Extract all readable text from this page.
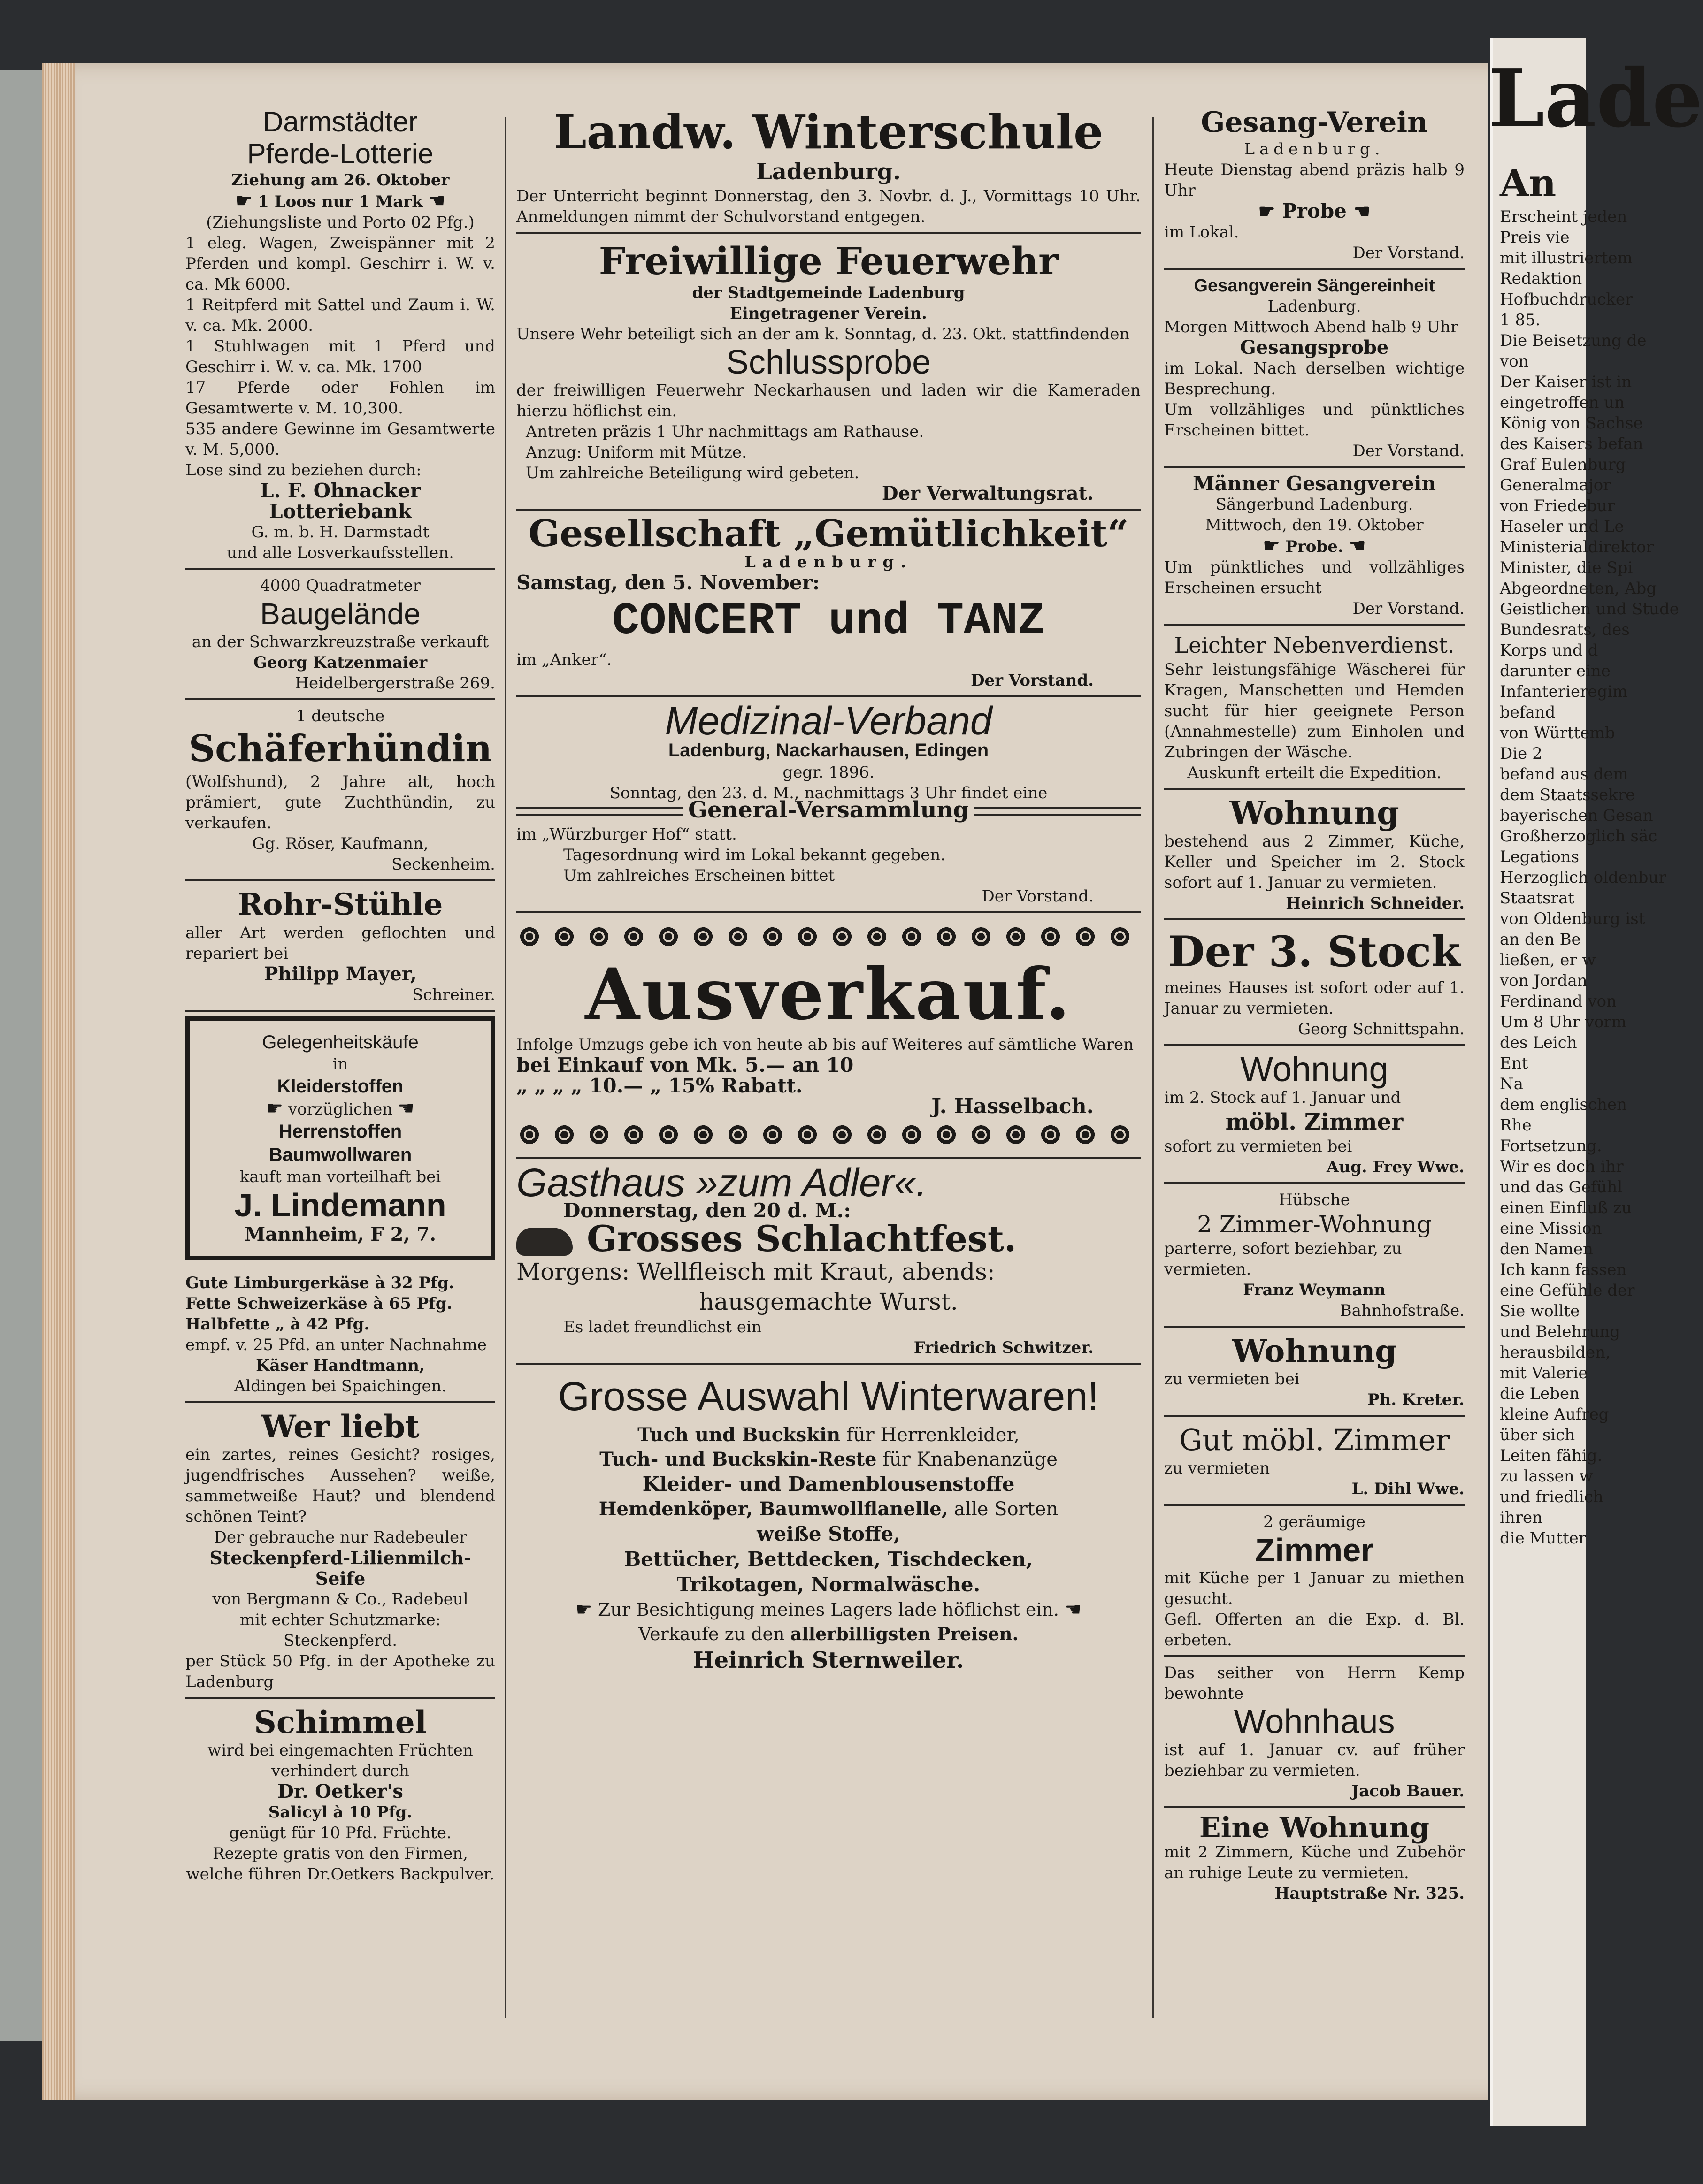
Darmstädter

Pferde-Lotterie

Ziehung am 26. Oktober

☛ 1 Loos nur 1 Mark ☚

(Ziehungsliste und Porto 02 Pfg.)

1 eleg. Wagen, Zweispänner mit 2 Pferden und kompl. Geschirr i. W. v. ca. Mk 6000.

1 Reitpferd mit Sattel und Zaum i. W. v. ca. Mk. 2000.

1 Stuhlwagen mit 1 Pferd und Geschirr i. W. v. ca. Mk. 1700

17 Pferde oder Fohlen im Gesamtwerte v. M. 10,300.

535 andere Gewinne im Gesamtwerte v. M. 5,000.

Lose sind zu beziehen durch:

L. F. Ohnacker Lotteriebank

G. m. b. H. Darmstadt

und alle Losverkaufsstellen.

4000 Quadratmeter

Baugelände

an der Schwarzkreuzstraße verkauft

Georg Katzenmaier

Heidelbergerstraße 269.

1 deutsche

Schäferhündin

(Wolfshund), 2 Jahre alt, hoch prämiert, gute Zuchthündin, zu verkaufen.

Gg. Röser, Kaufmann,

Seckenheim.

Rohr-Stühle

aller Art werden geflochten und repariert bei

Philipp Mayer,

Schreiner.

Gelegenheitskäufe

in

Kleiderstoffen

☛ vorzüglichen ☚

Herrenstoffen

Baumwollwaren

kauft man vorteilhaft bei

J. Lindemann

Mannheim, F 2, 7.

Gute Limburgerkäse à 32 Pfg.

Fette Schweizerkäse à 65 Pfg.

Halbfette „ à 42 Pfg.

empf. v. 25 Pfd. an unter Nachnahme

Käser Handtmann,

Aldingen bei Spaichingen.

Wer liebt

ein zartes, reines Gesicht? rosiges, jugendfrisches Aussehen? weiße, sammetweiße Haut? und blendend schönen Teint?

Der gebrauche nur Radebeuler

Steckenpferd-Lilienmilch-Seife

von Bergmann & Co., Radebeul

mit echter Schutzmarke: Steckenpferd.

per Stück 50 Pfg. in der Apotheke zu Ladenburg

Schimmel

wird bei eingemachten Früchten verhindert durch

Dr. Oetker's

Salicyl à 10 Pfg.

genügt für 10 Pfd. Früchte.

Rezepte gratis von den Firmen, welche führen Dr.Oetkers Backpulver.

Landw. Winterschule

Ladenburg.

Der Unterricht beginnt Donnerstag, den 3. Novbr. d. J., Vormittags 10 Uhr. Anmeldungen nimmt der Schulvorstand entgegen.

Freiwillige Feuerwehr

der Stadtgemeinde Ladenburg

Eingetragener Verein.

Unsere Wehr beteiligt sich an der am k. Sonntag, d. 23. Okt. stattfindenden

Schlussprobe

der freiwilligen Feuerwehr Neckarhausen und laden wir die Kameraden hierzu höflichst ein.

Antreten präzis 1 Uhr nachmittags am Rathause.

Anzug: Uniform mit Mütze.

Um zahlreiche Beteiligung wird gebeten.

Der Verwaltungsrat.

Gesellschaft „Gemütlichkeit“

Ladenburg.

Samstag, den 5. November:

CONCERT und TANZ

im „Anker“.

Der Vorstand.

Medizinal-Verband

Ladenburg, Nackarhausen, Edingen

gegr. 1896.

Sonntag, den 23. d. M., nachmittags 3 Uhr findet eine

General-Versammlung

im „Würzburger Hof“ statt.

Tagesordnung wird im Lokal bekannt gegeben.

Um zahlreiches Erscheinen bittet

Der Vorstand.

Ausverkauf.

Infolge Umzugs gebe ich von heute ab bis auf Weiteres auf sämtliche Waren

bei Einkauf von Mk. 5.— an 10

„ „ „ „ 10.— „ 15% Rabatt.

J. Hasselbach.

Gasthaus »zum Adler«.

Donnerstag, den 20 d. M.:

Grosses Schlachtfest.

Morgens: Wellfleisch mit Kraut, abends:

hausgemachte Wurst.

Es ladet freundlichst ein

Friedrich Schwitzer.

Grosse Auswahl Winterwaren!

Tuch und Buckskin für Herrenkleider,

Tuch- und Buckskin-Reste für Knabenanzüge

Kleider- und Damenblousenstoffe

Hemdenköper, Baumwollflanelle, alle Sorten

weiße Stoffe,

Bettücher, Bettdecken, Tischdecken,

Trikotagen, Normalwäsche.

☛ Zur Besichtigung meines Lagers lade höflichst ein. ☚

Verkaufe zu den allerbilligsten Preisen.

Heinrich Sternweiler.

Gesang-Verein

Ladenburg.

Heute Dienstag abend präzis halb 9 Uhr

☛ Probe ☚

im Lokal.

Der Vorstand.

Gesangverein Sängereinheit

Ladenburg.

Morgen Mittwoch Abend halb 9 Uhr

Gesangsprobe

im Lokal. Nach derselben wichtige Besprechung.

Um vollzähliges und pünktliches Erscheinen bittet.

Der Vorstand.

Männer Gesangverein

Sängerbund Ladenburg.

Mittwoch, den 19. Oktober

☛ Probe. ☚

Um pünktliches und vollzähliges Erscheinen ersucht

Der Vorstand.

Leichter Nebenverdienst.

Sehr leistungsfähige Wäscherei für Kragen, Manschetten und Hemden sucht für hier geeignete Person (Annahmestelle) zum Einholen und Zubringen der Wäsche.

Auskunft erteilt die Expedition.

Wohnung

bestehend aus 2 Zimmer, Küche, Keller und Speicher im 2. Stock sofort auf 1. Januar zu vermieten.

Heinrich Schneider.

Der 3. Stock

meines Hauses ist sofort oder auf 1. Januar zu vermieten.

Georg Schnittspahn.

Wohnung

im 2. Stock auf 1. Januar und

möbl. Zimmer

sofort zu vermieten bei

Aug. Frey Wwe.

Hübsche

2 Zimmer-Wohnung

parterre, sofort beziehbar, zu vermieten.

Franz Weymann

Bahnhofstraße.

Wohnung

zu vermieten bei

Ph. Kreter.

Gut möbl. Zimmer

zu vermieten

L. Dihl Wwe.

2 geräumige

Zimmer

mit Küche per 1 Januar zu miethen gesucht.

Gefl. Offerten an die Exp. d. Bl. erbeten.

Das seither von Herrn Kemp bewohnte

Wohnhaus

ist auf 1. Januar cv. auf früher beziehbar zu vermieten.

Jacob Bauer.

Eine Wohnung

mit 2 Zimmern, Küche und Zubehör an ruhige Leute zu vermieten.

Hauptstraße Nr. 325.

Lade

An
Erscheint jeden
Preis vie
mit illustriertem
Redaktion
Hofbuchdrucker
1 85.
Die Beisetzung de
von
Der Kaiser ist in
eingetroffen un
König von Sachse
des Kaisers befan
Graf Eulenburg
Generalmajor
von Friedebur
Haseler und Le
Ministerialdirektor
Minister, die Spi
Abgeordneten, Abg
Geistlichen und Stude
Bundesrats, des
Korps und d
darunter eine
Infanterieregim
befand
von Württemb
Die 2
befand aus dem
dem Staatssekre
bayerischen Gesan
Großherzoglich säc
Legations
Herzoglich oldenbur
Staatsrat
von Oldenburg ist
an den Be
ließen, er w
von Jordan
Ferdinand von
Um 8 Uhr vorm
des Leich
Ent
Na
dem englischen
Rhe
Fortsetzung.
Wir es doch ihr
und das Gefühl
einen Einfluß zu
eine Mission
den Namen
Ich kann fassen
eine Gefühle der
Sie wollte
und Belehrung
herausbilden,
mit Valerie
die Leben
kleine Aufreg
über sich
Leiten fähig.
zu lassen w
und friedlich
ihren
die Mutter
